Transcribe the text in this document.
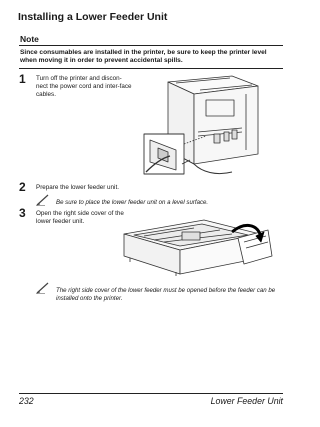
Installing a Lower Feeder Unit
Note
Since consumables are installed in the printer, be sure to keep the printer level when moving it in order to prevent accidental spills.
1 Turn off the printer and discon-nect the power cord and inter-face cables.
2 Prepare the lower feeder unit.
Be sure to place the lower feeder unit on a level surface.
3 Open the right side cover of the lower feeder unit.
The right side cover of the lower feeder must be opened before the feeder can be installed onto the printer.
232	Lower Feeder Unit
